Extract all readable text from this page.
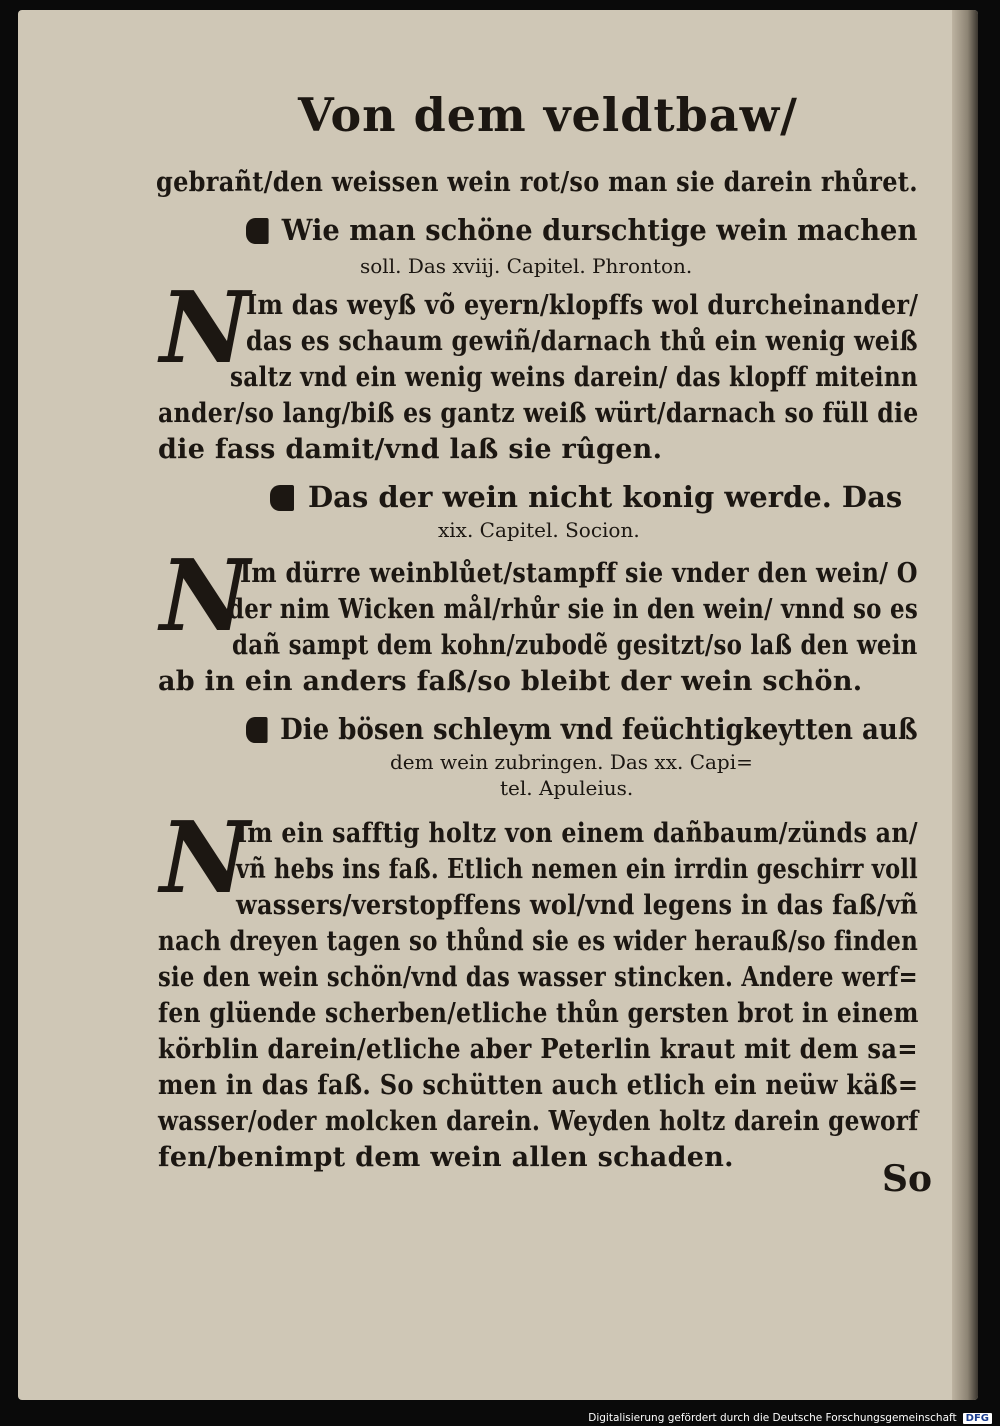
Von dem veldtbaw/
gebrañt/den weissen wein rot/so man sie darein rhůret.
Wie man schöne durschtige wein machen
soll. Das xviij. Capitel. Phronton.
N
Im das weyß võ eyern/klopffs wol durcheinander/
das es schaum gewiñ/darnach thů ein wenig weiß
saltz vnd ein wenig weins darein/ das klopff miteinn
ander/so lang/biß es gantz weiß würt/darnach so füll die
die fass damit/vnd laß sie rûgen.
Das der wein nicht konig werde. Das
xix. Capitel. Socion.
N
Im dürre weinblůet/stampff sie vnder den wein/ O
der nim Wicken mål/rhůr sie in den wein/ vnnd so es
dañ sampt dem kohn/zubodẽ gesitzt/so laß den wein
ab in ein anders faß/so bleibt der wein schön.
Die bösen schleym vnd feüchtigkeytten auß
dem wein zubringen. Das xx. Capi=
tel. Apuleius.
N
Im ein safftig holtz von einem dañbaum/zünds an/
vñ hebs ins faß. Etlich nemen ein irrdin geschirr voll
wassers/verstopffens wol/vnd legens in das faß/vñ
nach dreyen tagen so thůnd sie es wider herauß/so finden
sie den wein schön/vnd das wasser stincken. Andere werf=
fen glüende scherben/etliche thůn gersten brot in einem
körblin darein/etliche aber Peterlin kraut mit dem sa=
men in das faß. So schütten auch etlich ein neüw käß=
wasser/oder molcken darein. Weyden holtz darein geworf
fen/benimpt dem wein allen schaden.
So
Digitalisierung gefördert durch die Deutsche Forschungsgemeinschaft DFG
